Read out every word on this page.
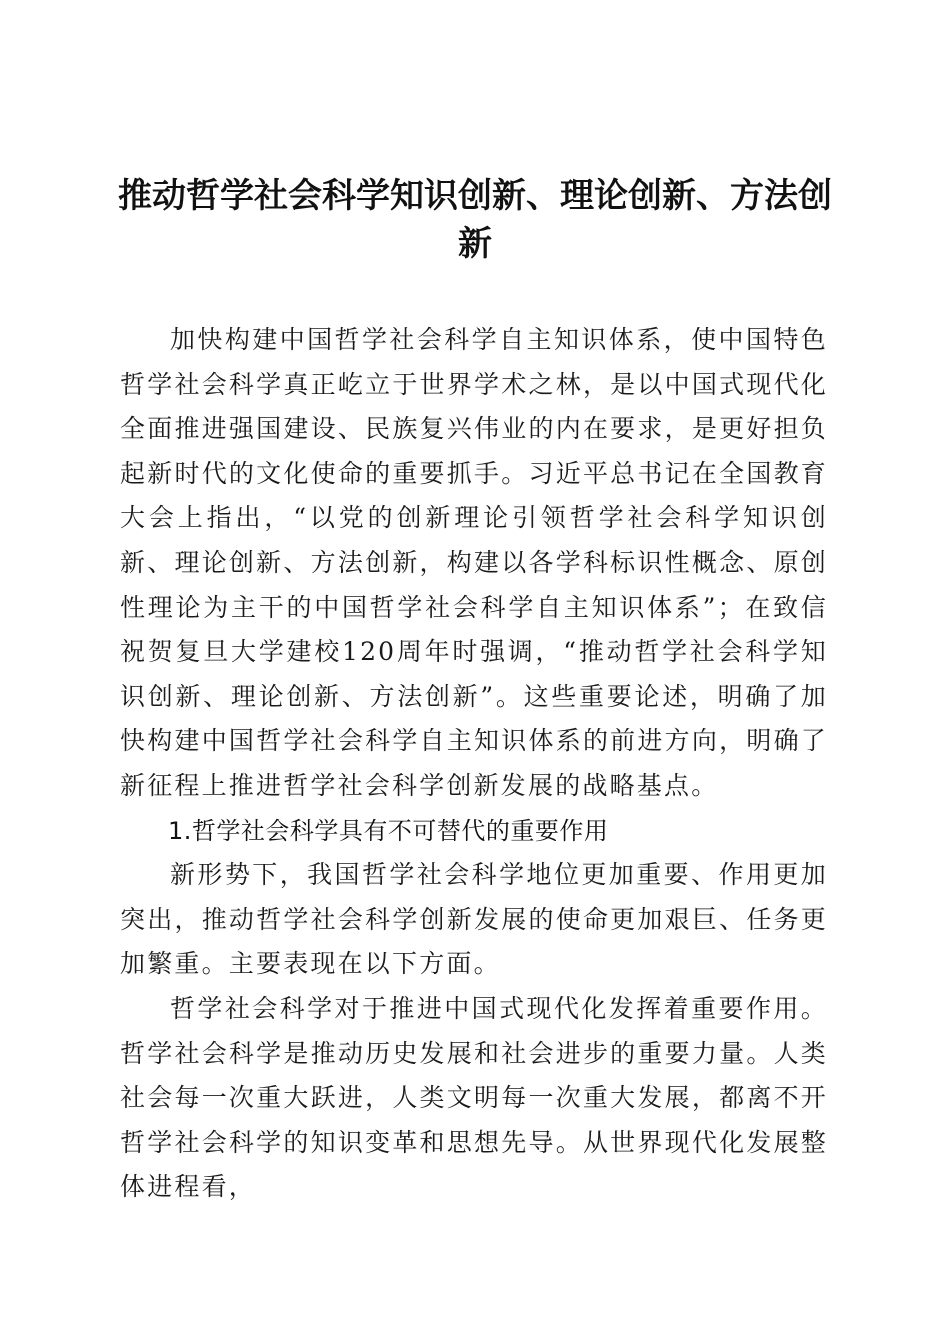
推动哲学社会科学知识创新、理论创新、方法创新

加快构建中国哲学社会科学自主知识体系，使中国特色哲学社会科学真正屹立于世界学术之林，是以中国式现代化全面推进强国建设、民族复兴伟业的内在要求，是更好担负起新时代的文化使命的重要抓手。习近平总书记在全国教育大会上指出，“以党的创新理论引领哲学社会科学知识创新、理论创新、方法创新，构建以各学科标识性概念、原创性理论为主干的中国哲学社会科学自主知识体系”；在致信祝贺复旦大学建校120周年时强调，“推动哲学社会科学知识创新、理论创新、方法创新”。这些重要论述，明确了加快构建中国哲学社会科学自主知识体系的前进方向，明确了新征程上推进哲学社会科学创新发展的战略基点。

1.哲学社会科学具有不可替代的重要作用

新形势下，我国哲学社会科学地位更加重要、作用更加突出，推动哲学社会科学创新发展的使命更加艰巨、任务更加繁重。主要表现在以下方面。

哲学社会科学对于推进中国式现代化发挥着重要作用。哲学社会科学是推动历史发展和社会进步的重要力量。人类社会每一次重大跃进，人类文明每一次重大发展，都离不开哲学社会科学的知识变革和思想先导。从世界现代化发展整体进程看，
